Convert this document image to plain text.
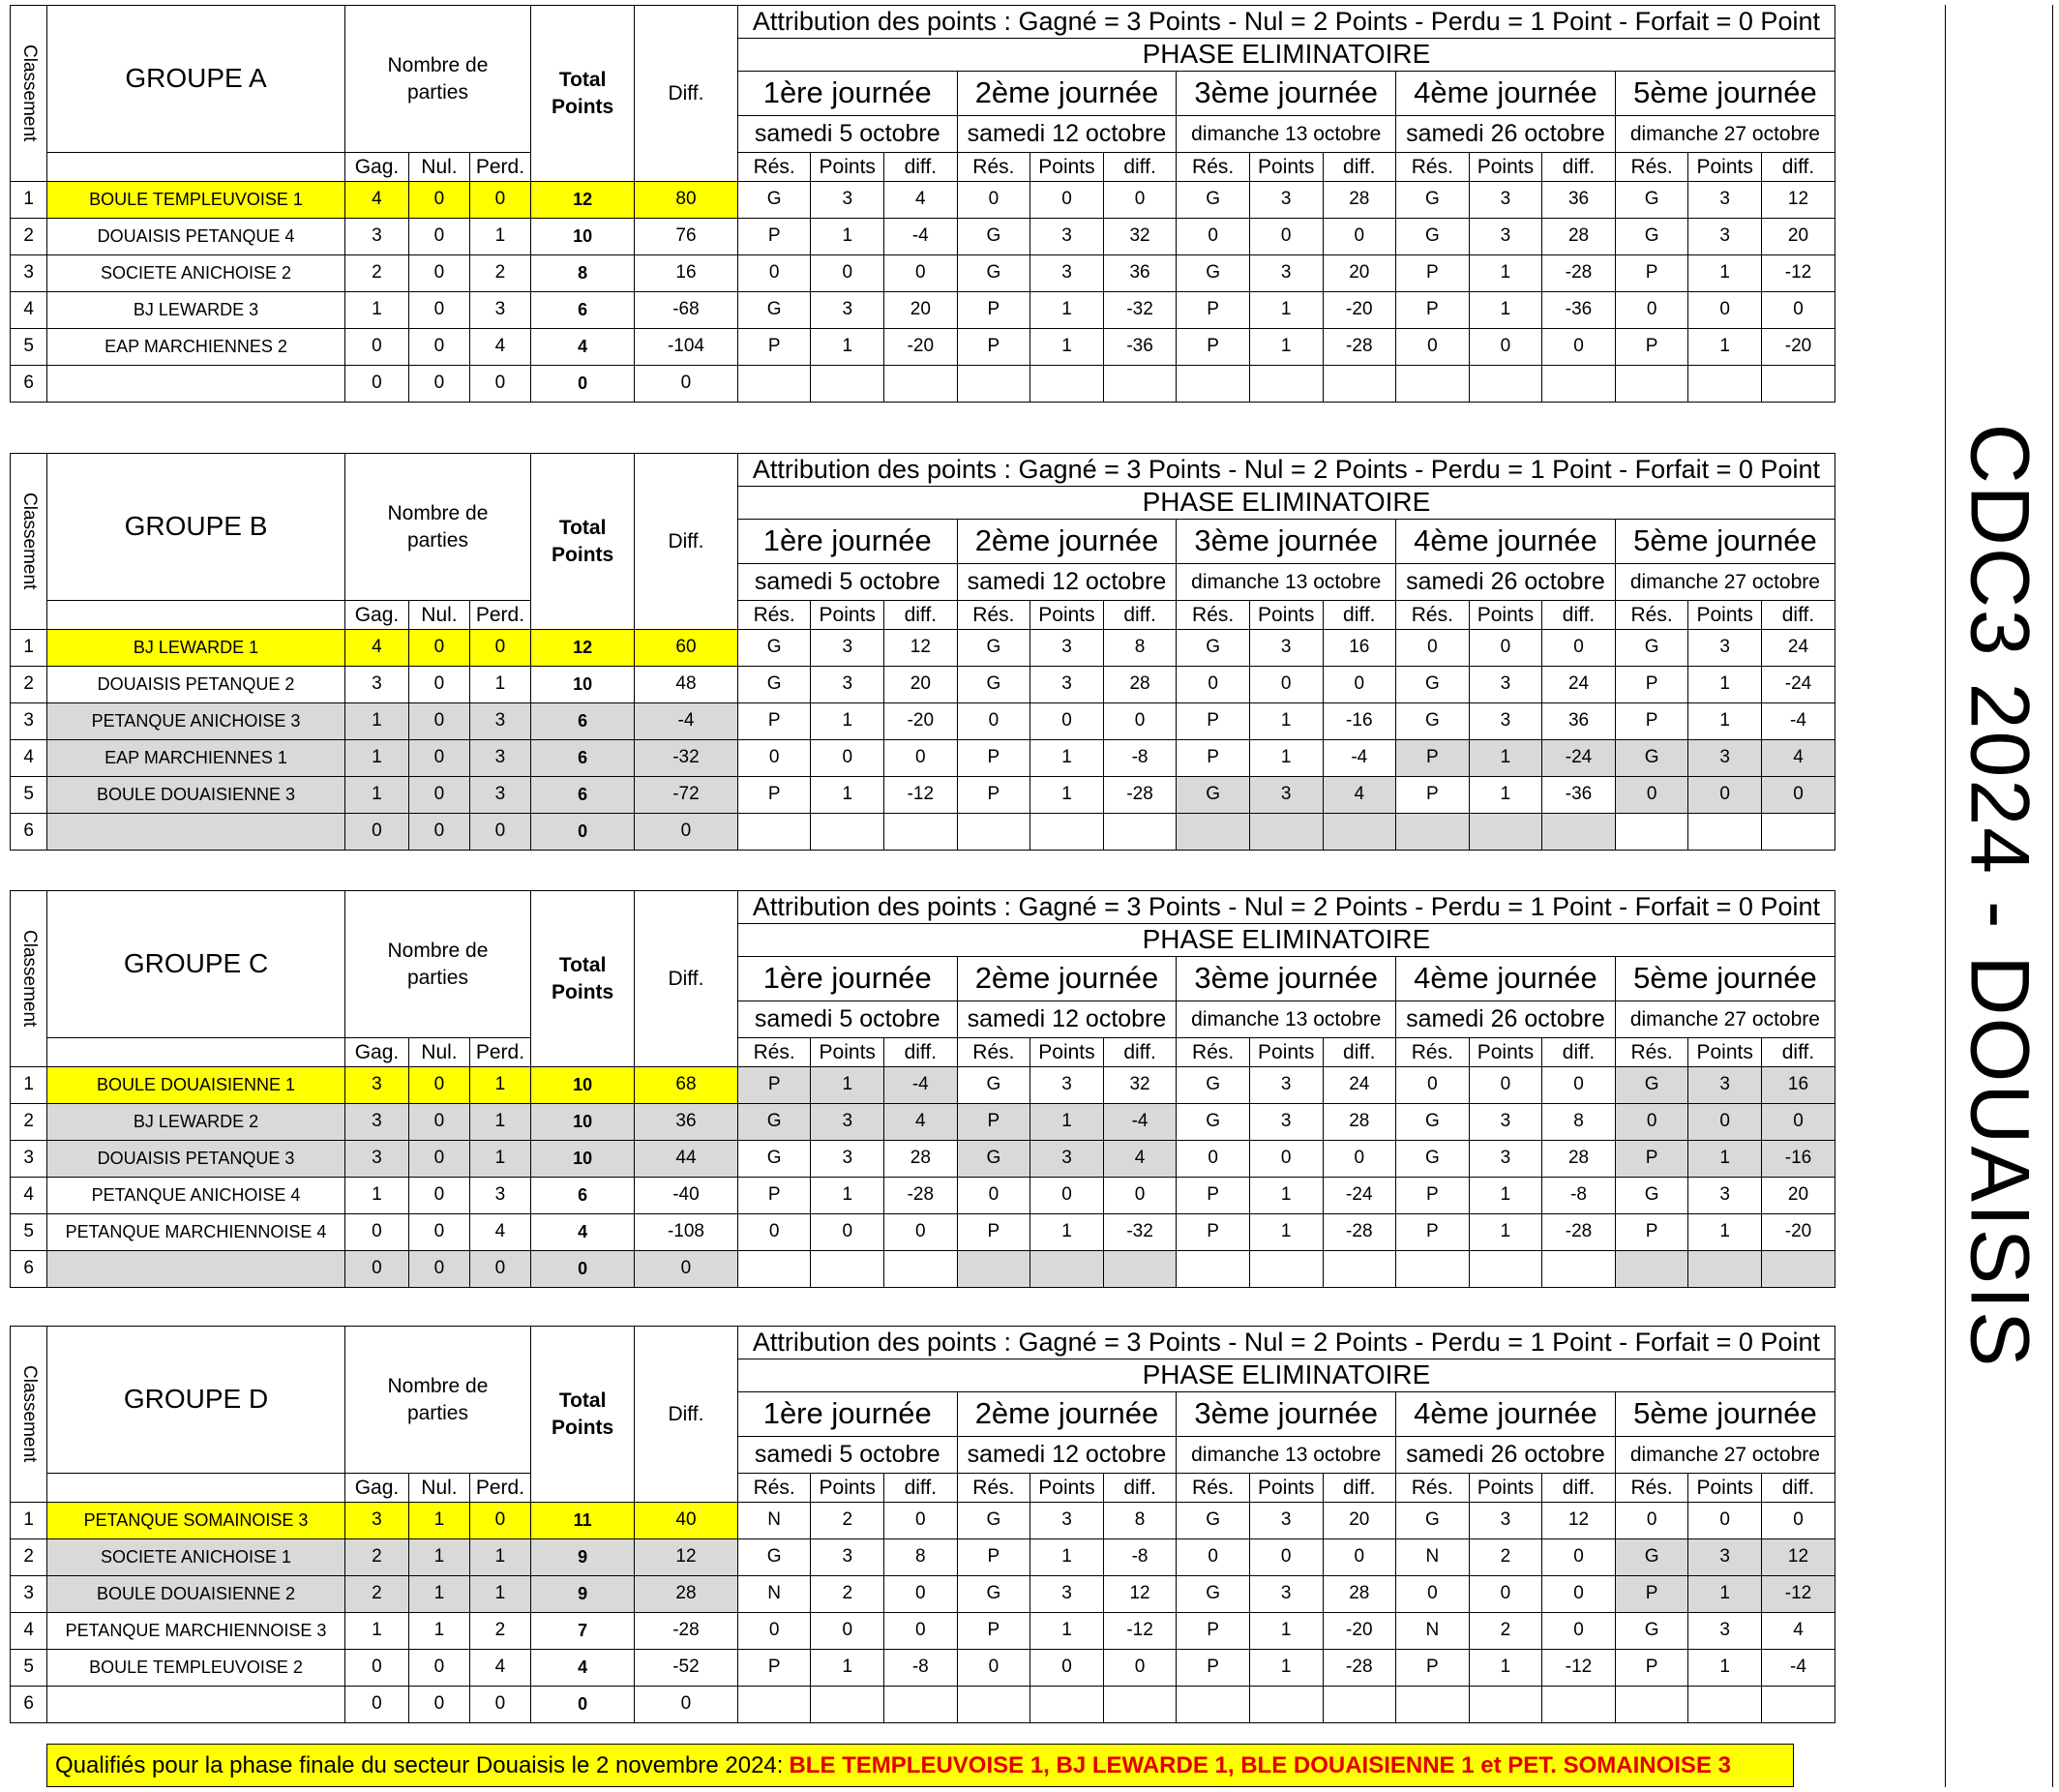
Classement	GROUPE A	Nombre de parties			Total Points	Diff.	Attribution des points : Gagné = 3 Points - Nul = 2 Points - Perdu = 1 Point - Forfait = 0 Point														
							PHASE ELIMINATOIRE														
							1ère journée			2ème journée			3ème journée			4ème journée			5ème journée		
							samedi 5 octobre			samedi 12 octobre			dimanche 13 octobre			samedi 26 octobre			dimanche 27 octobre		
		Gag.	Nul.	Perd.			Rés.	Points	diff.	Rés.	Points	diff.	Rés.	Points	diff.	Rés.	Points	diff.	Rés.	Points	diff.
1	BOULE TEMPLEUVOISE 1	4	0	0	12	80	G	3	4	0	0	0	G	3	28	G	3	36	G	3	12
2	DOUAISIS PETANQUE 4	3	0	1	10	76	P	1	-4	G	3	32	0	0	0	G	3	28	G	3	20
3	SOCIETE ANICHOISE 2	2	0	2	8	16	0	0	0	G	3	36	G	3	20	P	1	-28	P	1	-12
4	BJ LEWARDE 3	1	0	3	6	-68	G	3	20	P	1	-32	P	1	-20	P	1	-36	0	0	0
5	EAP MARCHIENNES 2	0	0	4	4	-104	P	1	-20	P	1	-36	P	1	-28	0	0	0	P	1	-20
6		0	0	0	0	0															
Classement	GROUPE B	Nombre de parties			Total Points	Diff.	Attribution des points : Gagné = 3 Points - Nul = 2 Points - Perdu = 1 Point - Forfait = 0 Point														
							PHASE ELIMINATOIRE														
							1ère journée			2ème journée			3ème journée			4ème journée			5ème journée		
							samedi 5 octobre			samedi 12 octobre			dimanche 13 octobre			samedi 26 octobre			dimanche 27 octobre		
		Gag.	Nul.	Perd.			Rés.	Points	diff.	Rés.	Points	diff.	Rés.	Points	diff.	Rés.	Points	diff.	Rés.	Points	diff.
1	BJ LEWARDE 1	4	0	0	12	60	G	3	12	G	3	8	G	3	16	0	0	0	G	3	24
2	DOUAISIS PETANQUE 2	3	0	1	10	48	G	3	20	G	3	28	0	0	0	G	3	24	P	1	-24
3	PETANQUE ANICHOISE 3	1	0	3	6	-4	P	1	-20	0	0	0	P	1	-16	G	3	36	P	1	-4
4	EAP MARCHIENNES 1	1	0	3	6	-32	0	0	0	P	1	-8	P	1	-4	P	1	-24	G	3	4
5	BOULE DOUAISIENNE 3	1	0	3	6	-72	P	1	-12	P	1	-28	G	3	4	P	1	-36	0	0	0
6		0	0	0	0	0															
Classement	GROUPE C	Nombre de parties			Total Points	Diff.	Attribution des points : Gagné = 3 Points - Nul = 2 Points - Perdu = 1 Point - Forfait = 0 Point														
							PHASE ELIMINATOIRE														
							1ère journée			2ème journée			3ème journée			4ème journée			5ème journée		
							samedi 5 octobre			samedi 12 octobre			dimanche 13 octobre			samedi 26 octobre			dimanche 27 octobre		
		Gag.	Nul.	Perd.			Rés.	Points	diff.	Rés.	Points	diff.	Rés.	Points	diff.	Rés.	Points	diff.	Rés.	Points	diff.
1	BOULE DOUAISIENNE 1	3	0	1	10	68	P	1	-4	G	3	32	G	3	24	0	0	0	G	3	16
2	BJ LEWARDE 2	3	0	1	10	36	G	3	4	P	1	-4	G	3	28	G	3	8	0	0	0
3	DOUAISIS PETANQUE 3	3	0	1	10	44	G	3	28	G	3	4	0	0	0	G	3	28	P	1	-16
4	PETANQUE ANICHOISE 4	1	0	3	6	-40	P	1	-28	0	0	0	P	1	-24	P	1	-8	G	3	20
5	PETANQUE MARCHIENNOISE 4	0	0	4	4	-108	0	0	0	P	1	-32	P	1	-28	P	1	-28	P	1	-20
6		0	0	0	0	0															
Classement	GROUPE D	Nombre de parties			Total Points	Diff.	Attribution des points : Gagné = 3 Points - Nul = 2 Points - Perdu = 1 Point - Forfait = 0 Point														
							PHASE ELIMINATOIRE														
							1ère journée			2ème journée			3ème journée			4ème journée			5ème journée		
							samedi 5 octobre			samedi 12 octobre			dimanche 13 octobre			samedi 26 octobre			dimanche 27 octobre		
		Gag.	Nul.	Perd.			Rés.	Points	diff.	Rés.	Points	diff.	Rés.	Points	diff.	Rés.	Points	diff.	Rés.	Points	diff.
1	PETANQUE SOMAINOISE 3	3	1	0	11	40	N	2	0	G	3	8	G	3	20	G	3	12	0	0	0
2	SOCIETE ANICHOISE 1	2	1	1	9	12	G	3	8	P	1	-8	0	0	0	N	2	0	G	3	12
3	BOULE DOUAISIENNE 2	2	1	1	9	28	N	2	0	G	3	12	G	3	28	0	0	0	P	1	-12
4	PETANQUE MARCHIENNOISE 3	1	1	2	7	-28	0	0	0	P	1	-12	P	1	-20	N	2	0	G	3	4
5	BOULE TEMPLEUVOISE 2	0	0	4	4	-52	P	1	-8	0	0	0	P	1	-28	P	1	-12	P	1	-4
6		0	0	0	0	0															
CDC3 2024 - DOUAISIS
Qualifiés pour la phase finale du secteur Douaisis le 2 novembre 2024: BLE TEMPLEUVOISE 1, BJ LEWARDE 1, BLE DOUAISIENNE 1 et PET. SOMAINOISE 3
